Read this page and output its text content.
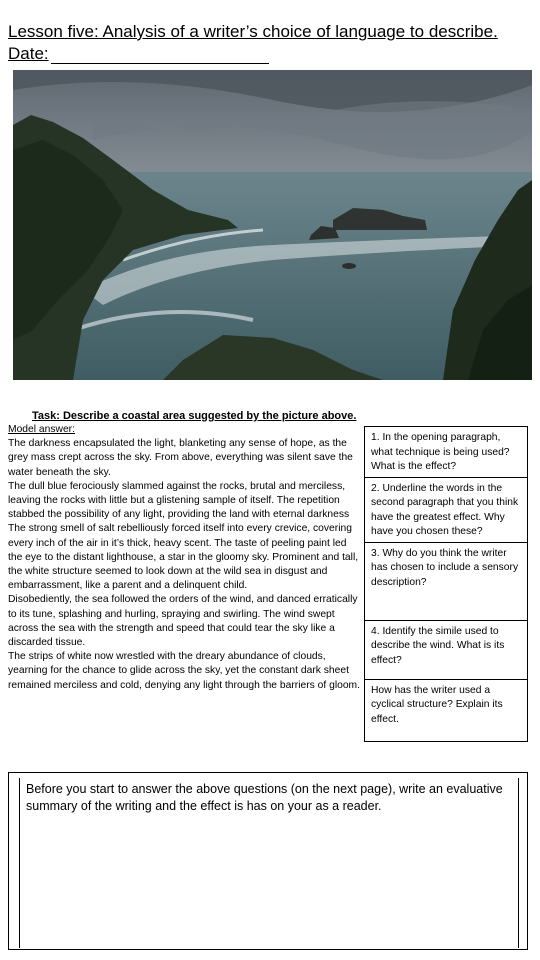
Lesson five: Analysis of a writer’s choice of language to describe.
Date:
Task: Describe a coastal area suggested by the picture above.
Model answer:

The darkness encapsulated the light, blanketing any sense of hope, as the grey mass crept across the sky. From above, everything was silent save the water beneath the sky.

The dull blue ferociously slammed against the rocks, brutal and merciless, leaving the rocks with little but a glistening sample of itself. The repetition stabbed the possibility of any light, providing the land with eternal darkness

The strong smell of salt rebelliously forced itself into every crevice, covering every inch of the air in it’s thick, heavy scent. The taste of peeling paint led the eye to the distant lighthouse, a star in the gloomy sky. Prominent and tall, the white structure seemed to look down at the wild sea in disgust and embarrassment, like a parent and a delinquent child.

Disobediently, the sea followed the orders of the wind, and danced erratically to its tune, splashing and hurling, spraying and swirling. The wind swept across the sea with the strength and speed that could tear the sky like a discarded tissue.

The strips of white now wrestled with the dreary abundance of clouds, yearning for the chance to glide across the sky, yet the constant dark sheet remained merciless and cold, denying any light through the barriers of gloom.

1. In the opening paragraph, what technique is being used? What is the effect?
2. Underline the words in the second paragraph that you think have the greatest effect. Why have you chosen these?
3. Why do you think the writer has chosen to include a sensory description?
4. Identify the simile used to describe the wind. What is its effect?
How has the writer used a cyclical structure? Explain its effect.
Before you start to answer the above questions (on the next page), write an evaluative summary of the writing and the effect is has on your as a reader.
